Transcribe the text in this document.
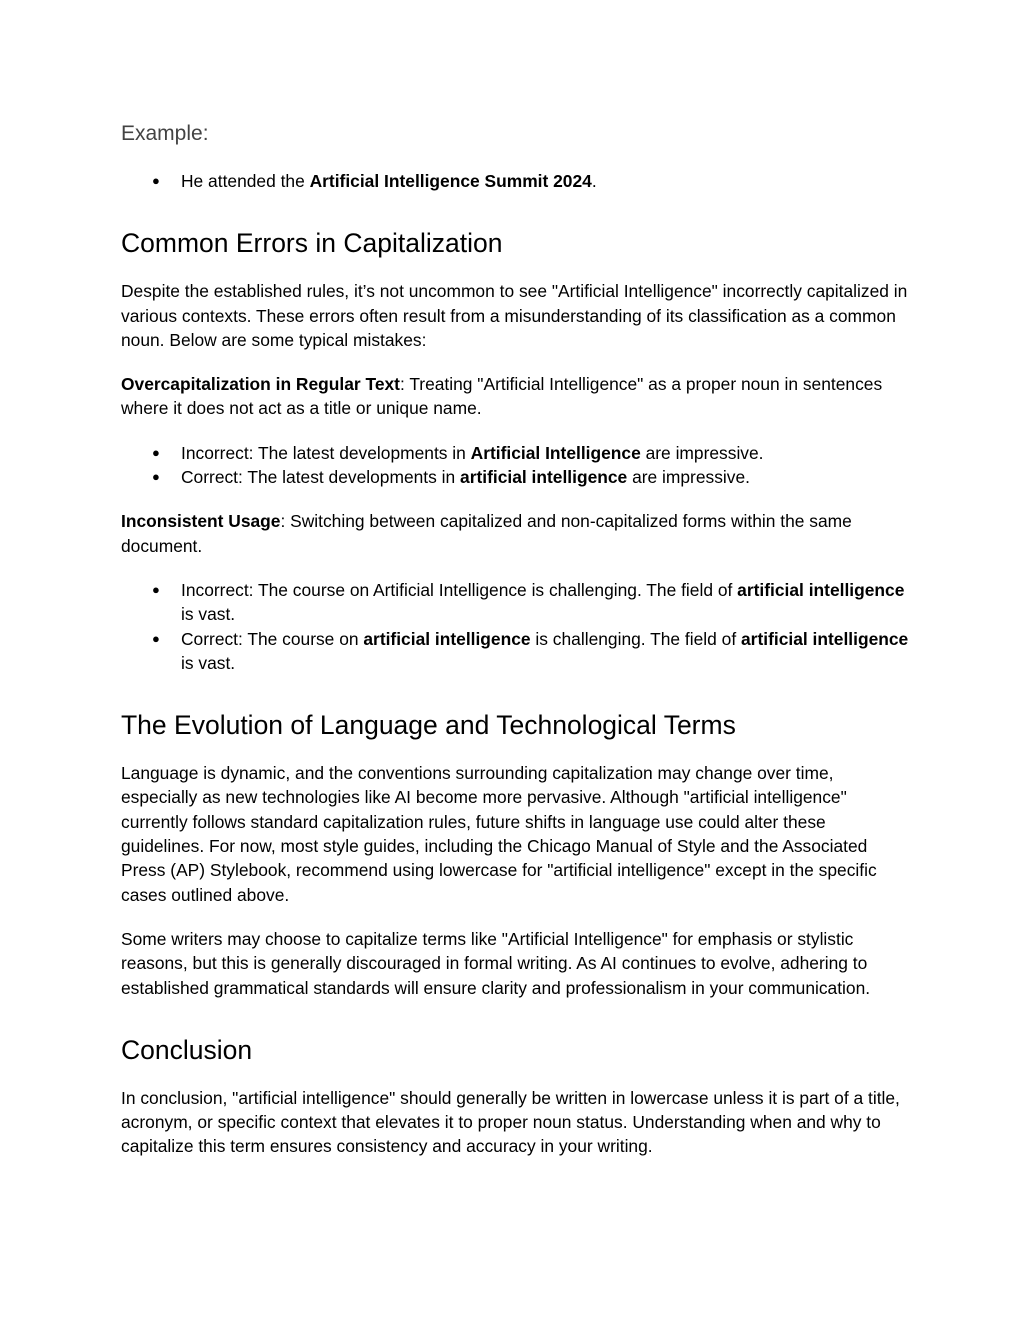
Example:
● He attended the Artificial Intelligence Summit 2024.
Common Errors in Capitalization

Despite the established rules, it’s not uncommon to see "Artificial Intelligence" incorrectly capitalized in various contexts. These errors often result from a misunderstanding of its classification as a common noun. Below are some typical mistakes:

Overcapitalization in Regular Text: Treating "Artificial Intelligence" as a proper noun in sentences where it does not act as a title or unique name.

● Incorrect: The latest developments in Artificial Intelligence are impressive.
● Correct: The latest developments in artificial intelligence are impressive.

Inconsistent Usage: Switching between capitalized and non-capitalized forms within the same document.

● Incorrect: The course on Artificial Intelligence is challenging. The field of artificial intelligence is vast.
● Correct: The course on artificial intelligence is challenging. The field of artificial intelligence is vast.
The Evolution of Language and Technological Terms

Language is dynamic, and the conventions surrounding capitalization may change over time, especially as new technologies like AI become more pervasive. Although "artificial intelligence" currently follows standard capitalization rules, future shifts in language use could alter these guidelines. For now, most style guides, including the Chicago Manual of Style and the Associated Press (AP) Stylebook, recommend using lowercase for "artificial intelligence" except in the specific cases outlined above.

Some writers may choose to capitalize terms like "Artificial Intelligence" for emphasis or stylistic reasons, but this is generally discouraged in formal writing. As AI continues to evolve, adhering to established grammatical standards will ensure clarity and professionalism in your communication.

Conclusion

In conclusion, "artificial intelligence" should generally be written in lowercase unless it is part of a title, acronym, or specific context that elevates it to proper noun status. Understanding when and why to capitalize this term ensures consistency and accuracy in your writing.
